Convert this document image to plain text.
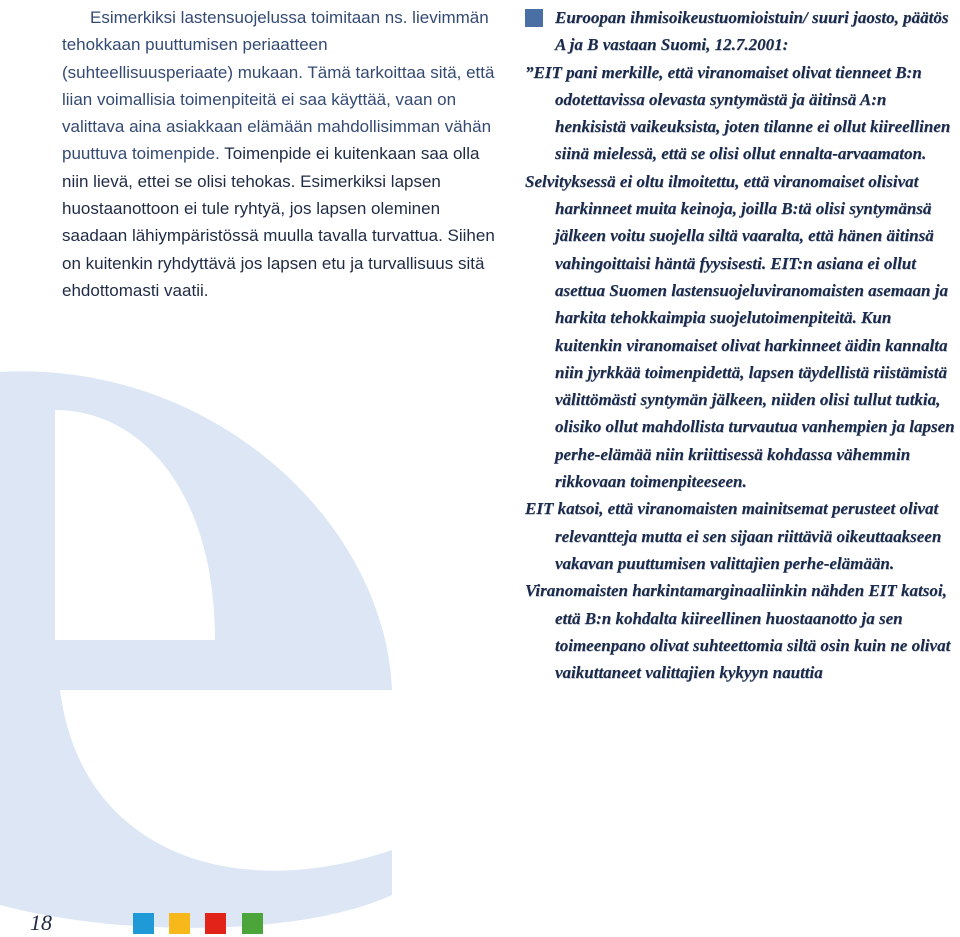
Esimerkiksi lastensuojelussa toimitaan ns. lievimmän tehokkaan puuttumisen periaatteen (suhteellisuusperiaate) mukaan. Tämä tarkoittaa sitä, että liian voimallisia toimenpiteitä ei saa käyttää, vaan on valittava aina asiakkaan elämään mahdollisimman vähän puuttuva toimenpide. Toimenpide ei kuitenkaan saa olla niin lievä, ettei se olisi tehokas. Esimerkiksi lapsen huostaanottoon ei tule ryhtyä, jos lapsen oleminen saadaan lähiympäristössä muulla tavalla turvattua. Siihen on kuitenkin ryhdyttävä jos lapsen etu ja turvallisuus sitä ehdottomasti vaatii.

Euroopan ihmisoikeustuomioistuin/ suuri jaosto, päätös A ja B vastaan Suomi, 12.7.2001:

”EIT pani merkille, että viranomaiset olivat tienneet B:n odotettavissa olevasta syntymästä ja äitinsä A:n henkisistä vaikeuksista, joten tilanne ei ollut kiireellinen siinä mielessä, että se olisi ollut ennalta-arvaamaton.

Selvityksessä ei oltu ilmoitettu, että viranomaiset olisivat harkinneet muita keinoja, joilla B:tä olisi syntymänsä jälkeen voitu suojella siltä vaaralta, että hänen äitinsä vahingoittaisi häntä fyysisesti. EIT:n asiana ei ollut asettua Suomen lastensuojeluviranomaisten asemaan ja harkita tehokkaimpia suojelutoimenpiteitä. Kun kuitenkin viranomaiset olivat harkinneet äidin kannalta niin jyrkkää toimenpidettä, lapsen täydellistä riistämistä välittömästi syntymän jälkeen, niiden olisi tullut tutkia, olisiko ollut mahdollista turvautua vanhempien ja lapsen perhe-elämää niin kriittisessä kohdassa vähemmin rikkovaan toimenpiteeseen.

EIT katsoi, että viranomaisten mainitsemat perusteet olivat relevantteja mutta ei sen sijaan riittäviä oikeuttaakseen vakavan puuttumisen valittajien perhe-elämään.

Viranomaisten harkintamarginaaliinkin nähden EIT katsoi, että B:n kohdalta kiireellinen huostaanotto ja sen toimeenpano olivat suhteettomia siltä osin kuin ne olivat vaikuttaneet valittajien kykyyn nauttia

18
